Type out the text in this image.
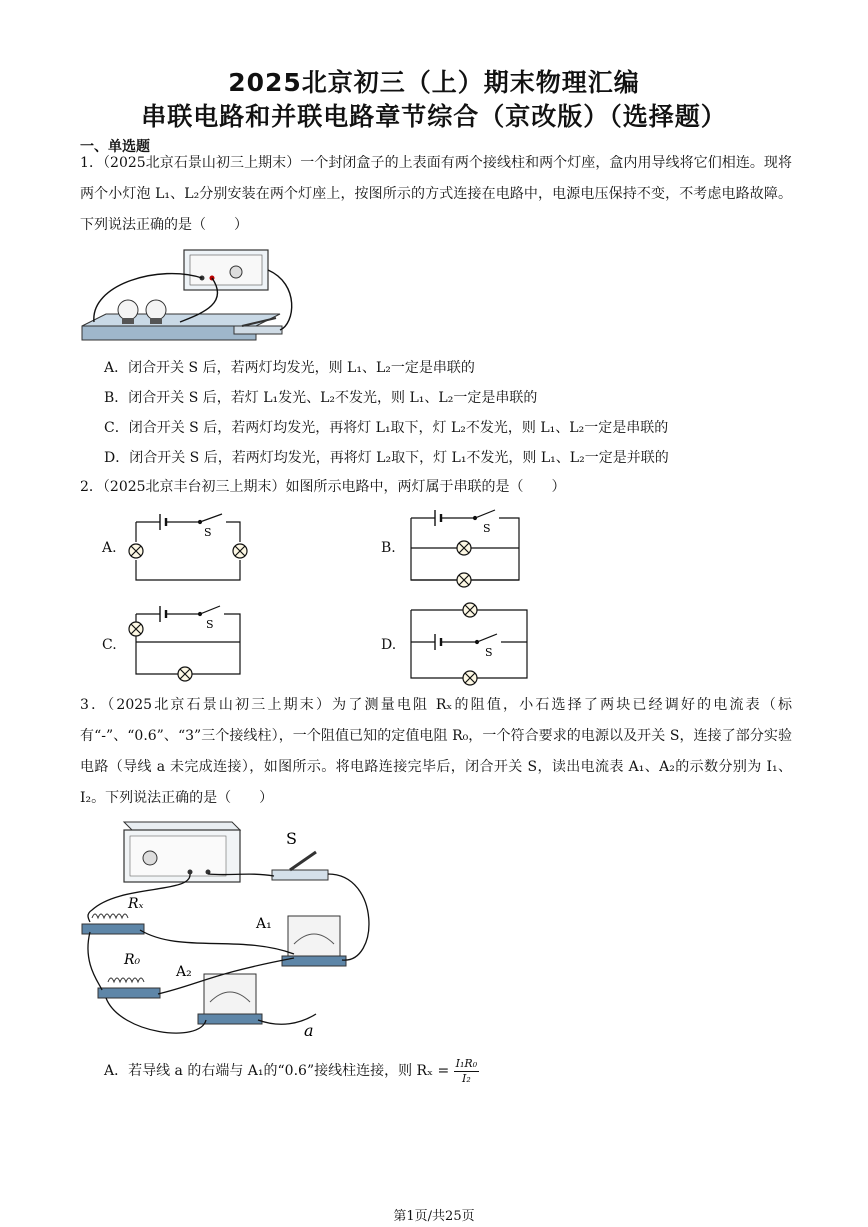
2025北京初三（上）期末物理汇编
串联电路和并联电路章节综合（京改版）（选择题）
一、单选题
1．（2025北京石景山初三上期末）一个封闭盒子的上表面有两个接线柱和两个灯座，盒内用导线将它们相连。现将两个小灯泡 L₁、L₂分别安装在两个灯座上，按图所示的方式连接在电路中，电源电压保持不变，不考虑电路故障。下列说法正确的是（　　）
A．闭合开关 S 后，若两灯均发光，则 L₁、L₂一定是串联的
B．闭合开关 S 后，若灯 L₁发光、L₂不发光，则 L₁、L₂一定是串联的
C．闭合开关 S 后，若两灯均发光，再将灯 L₁取下，灯 L₂不发光，则 L₁、L₂一定是串联的
D．闭合开关 S 后，若两灯均发光，再将灯 L₂取下，灯 L₁不发光，则 L₁、L₂一定是并联的
2．（2025北京丰台初三上期末）如图所示电路中，两灯属于串联的是（　　）
A.
S
B.
S
C.
S
D.	S
3．（2025北京石景山初三上期末）为了测量电阻 Rₓ的阻值，小石选择了两块已经调好的电流表（标有“-”、“0.6”、“3”三个接线柱），一个阻值已知的定值电阻 R₀，一个符合要求的电源以及开关 S，连接了部分实验电路（导线 a 未完成连接），如图所示。将电路连接完毕后，闭合开关 S，读出电流表 A₁、A₂的示数分别为 I₁、I₂。下列说法正确的是（　　）
S
Rₓ
R₀
A₁
A₂
a
A．若导线 a 的右端与 A₁的“0.6”接线柱连接，则 $R_x = \frac{\text{I₁R₀}}{\text{I₂}}$
第1页/共25页
